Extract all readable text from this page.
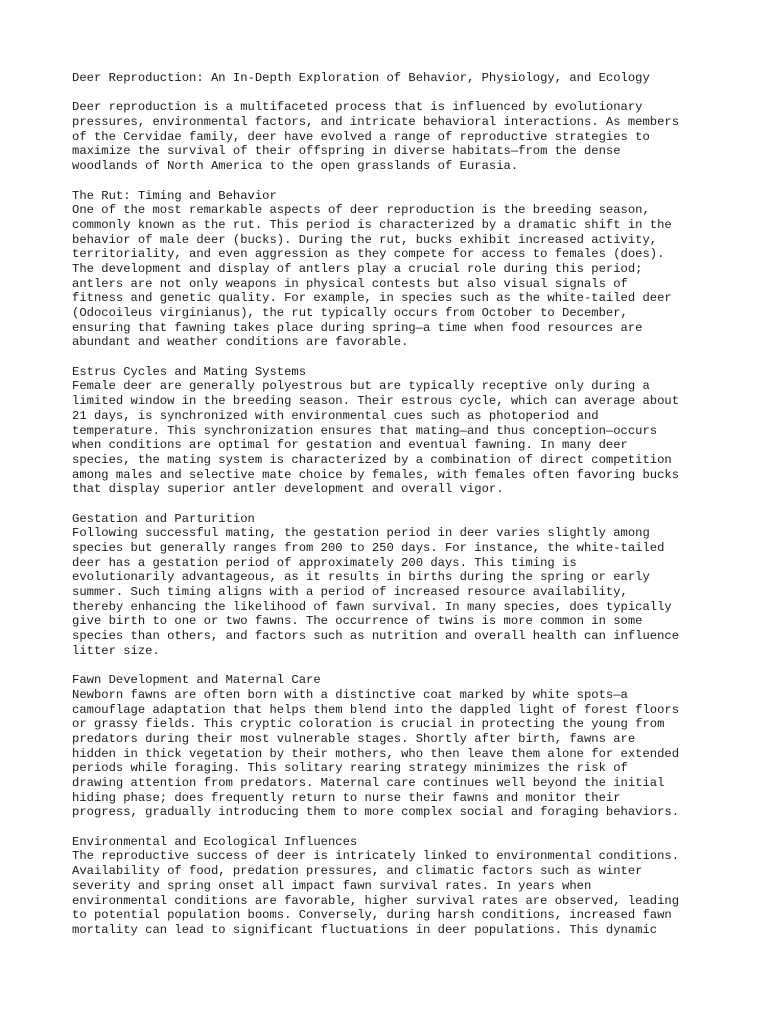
Deer Reproduction: An In-Depth Exploration of Behavior, Physiology, and Ecology
Deer reproduction is a multifaceted process that is influenced by evolutionary
pressures, environmental factors, and intricate behavioral interactions. As members
of the Cervidae family, deer have evolved a range of reproductive strategies to
maximize the survival of their offspring in diverse habitats—from the dense
woodlands of North America to the open grasslands of Eurasia.
The Rut: Timing and Behavior
One of the most remarkable aspects of deer reproduction is the breeding season,
commonly known as the rut. This period is characterized by a dramatic shift in the
behavior of male deer (bucks). During the rut, bucks exhibit increased activity,
territoriality, and even aggression as they compete for access to females (does).
The development and display of antlers play a crucial role during this period;
antlers are not only weapons in physical contests but also visual signals of
fitness and genetic quality. For example, in species such as the white-tailed deer
(Odocoileus virginianus), the rut typically occurs from October to December,
ensuring that fawning takes place during spring—a time when food resources are
abundant and weather conditions are favorable.
Estrus Cycles and Mating Systems
Female deer are generally polyestrous but are typically receptive only during a
limited window in the breeding season. Their estrous cycle, which can average about
21 days, is synchronized with environmental cues such as photoperiod and
temperature. This synchronization ensures that mating—and thus conception—occurs
when conditions are optimal for gestation and eventual fawning. In many deer
species, the mating system is characterized by a combination of direct competition
among males and selective mate choice by females, with females often favoring bucks
that display superior antler development and overall vigor.
Gestation and Parturition
Following successful mating, the gestation period in deer varies slightly among
species but generally ranges from 200 to 250 days. For instance, the white-tailed
deer has a gestation period of approximately 200 days. This timing is
evolutionarily advantageous, as it results in births during the spring or early
summer. Such timing aligns with a period of increased resource availability,
thereby enhancing the likelihood of fawn survival. In many species, does typically
give birth to one or two fawns. The occurrence of twins is more common in some
species than others, and factors such as nutrition and overall health can influence
litter size.
Fawn Development and Maternal Care
Newborn fawns are often born with a distinctive coat marked by white spots—a
camouflage adaptation that helps them blend into the dappled light of forest floors
or grassy fields. This cryptic coloration is crucial in protecting the young from
predators during their most vulnerable stages. Shortly after birth, fawns are
hidden in thick vegetation by their mothers, who then leave them alone for extended
periods while foraging. This solitary rearing strategy minimizes the risk of
drawing attention from predators. Maternal care continues well beyond the initial
hiding phase; does frequently return to nurse their fawns and monitor their
progress, gradually introducing them to more complex social and foraging behaviors.
Environmental and Ecological Influences
The reproductive success of deer is intricately linked to environmental conditions.
Availability of food, predation pressures, and climatic factors such as winter
severity and spring onset all impact fawn survival rates. In years when
environmental conditions are favorable, higher survival rates are observed, leading
to potential population booms. Conversely, during harsh conditions, increased fawn
mortality can lead to significant fluctuations in deer populations. This dynamic
